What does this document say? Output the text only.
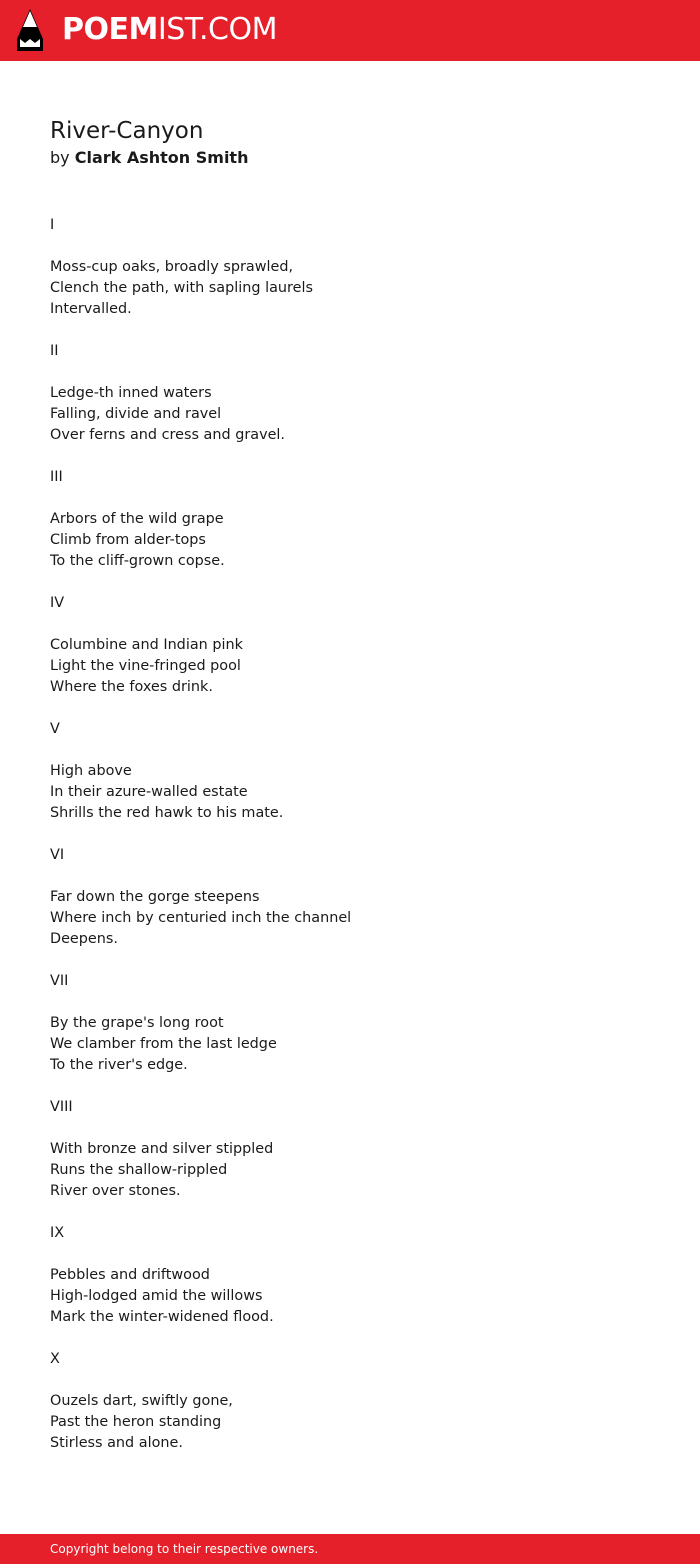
POEMIST.COM
River-Canyon
by Clark Ashton Smith
I
Moss-cup oaks, broadly sprawled,
Clench the path, with sapling laurels
Intervalled.
II
Ledge-th inned waters
Falling, divide and ravel
Over ferns and cress and gravel.
III
Arbors of the wild grape
Climb from alder-tops
To the cliff-grown copse.
IV
Columbine and Indian pink
Light the vine-fringed pool
Where the foxes drink.
V
High above
In their azure-walled estate
Shrills the red hawk to his mate.
VI
Far down the gorge steepens
Where inch by centuried inch the channel
Deepens.
VII
By the grape's long root
We clamber from the last ledge
To the river's edge.
VIII
With bronze and silver stippled
Runs the shallow-rippled
River over stones.
IX
Pebbles and driftwood
High-lodged amid the willows
Mark the winter-widened flood.
X
Ouzels dart, swiftly gone,
Past the heron standing
Stirless and alone.
Copyright belong to their respective owners.
